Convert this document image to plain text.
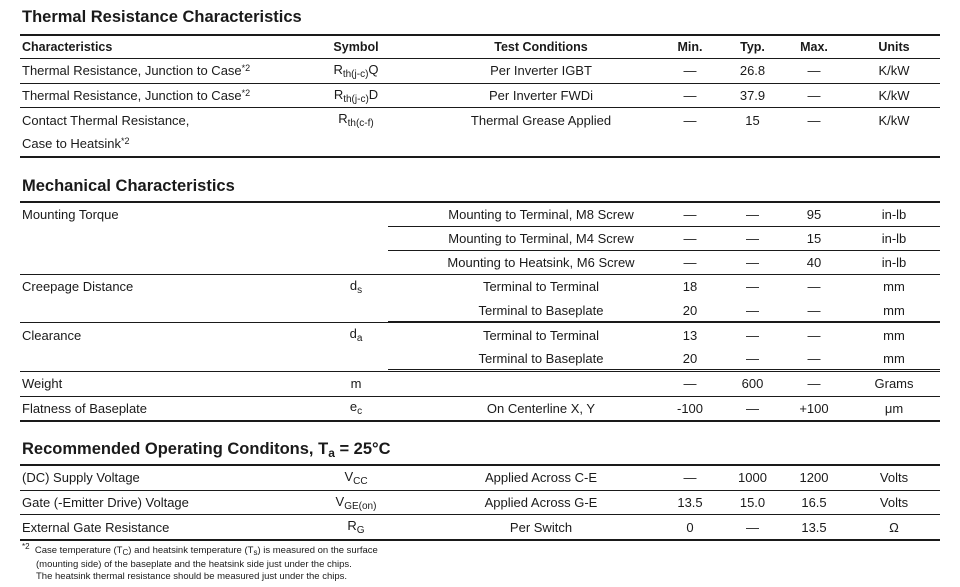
Thermal Resistance Characteristics
Characteristics	Symbol	Test Conditions	Min.	Typ.	Max.	Units
Thermal Resistance, Junction to Case$^{*2}$	$R_{th(j-c)}Q$	Per Inverter IGBT	—	26.8	—	K/kW
Thermal Resistance, Junction to Case$^{*2}$	$R_{th(j-c)}D$	Per Inverter FWDi	—	37.9	—	K/kW
Contact Thermal Resistance,	$R_{th(c-f)}$	Thermal Grease Applied	—	15	—	K/kW
Case to Heatsink$^{*2}$						
Mechanical Characteristics
Mounting Torque		Mounting to Terminal, M8 Screw	—	—	95	in-lb
		Mounting to Terminal, M4 Screw	—	—	15	in-lb
		Mounting to Heatsink, M6 Screw	—	—	40	in-lb
Creepage Distance	$d_s$	Terminal to Terminal	18	—	—	mm
		Terminal to Baseplate	20	—	—	mm
Clearance	$d_a$	Terminal to Terminal	13	—	—	mm
		Terminal to Baseplate	20	—	—	mm
Weight	m		—	600	—	Grams
Flatness of Baseplate	$e_c$	On Centerline X, Y	-100	—	+100	μm
Recommended Operating Conditons, $T_a = 25^\circ C$
(DC) Supply Voltage	$V_{CC}$	Applied Across C-E	—	1000	1200	Volts
Gate (-Emitter Drive) Voltage	$V_{GE(on)}$	Applied Across G-E	13.5	15.0	16.5	Volts
External Gate Resistance	$R_G$	Per Switch	0	—	13.5	Ω
$^{*2}$ Case temperature $(T_C)$ and heatsink temperature $(T_s)$ is measured on the surface
(mounting side) of the baseplate and the heatsink side just under the chips.
The heatsink thermal resistance should be measured just under the chips.
